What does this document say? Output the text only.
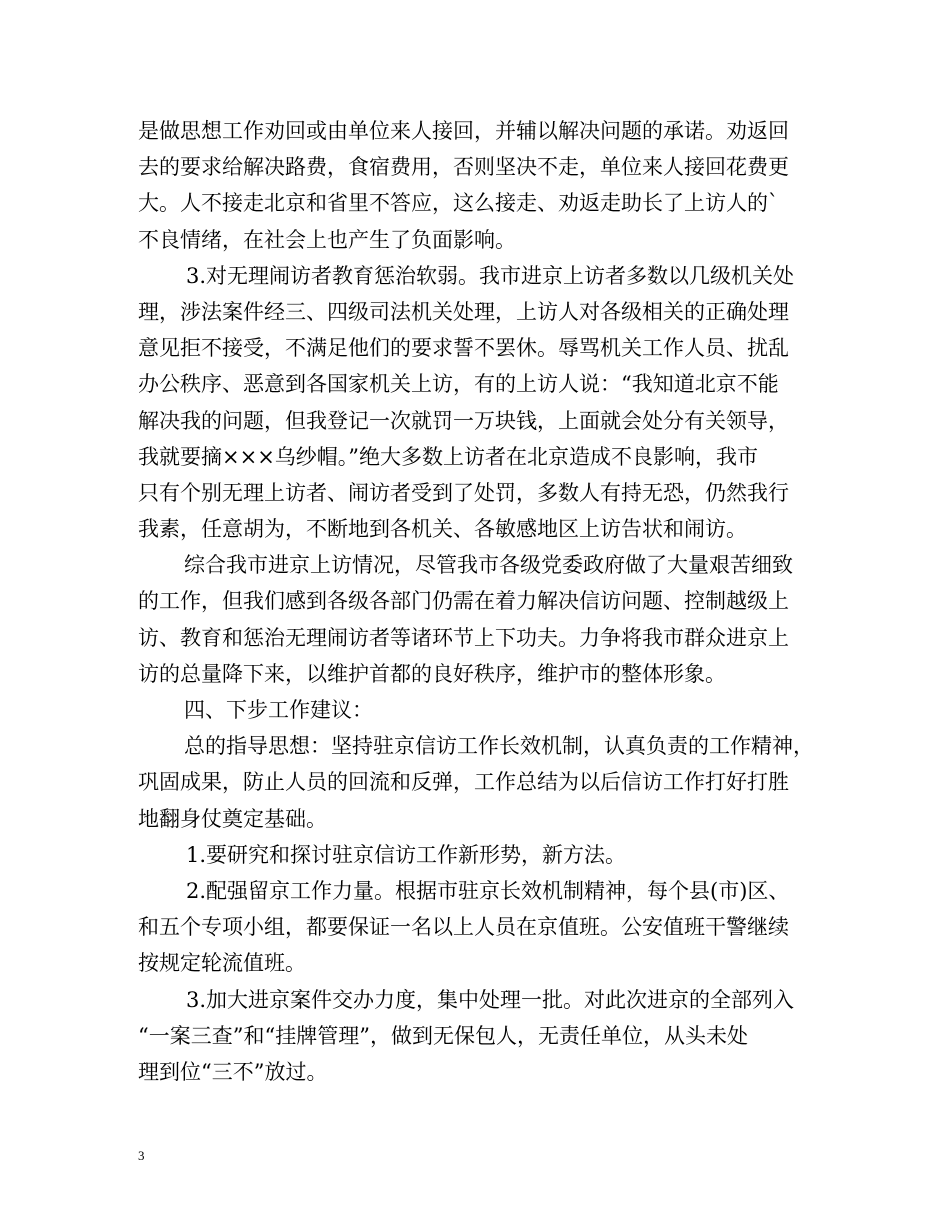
是做思想工作劝回或由单位来人接回，并辅以解决问题的承诺。劝返回
去的要求给解决路费，食宿费用，否则坚决不走，单位来人接回花费更
大。人不接走北京和省里不答应，这么接走、劝返走助长了上访人的`
不良情绪，在社会上也产生了负面影响。
3.对无理闹访者教育惩治软弱。我市进京上访者多数以几级机关处
理，涉法案件经三、四级司法机关处理，上访人对各级相关的正确处理
意见拒不接受，不满足他们的要求誓不罢休。辱骂机关工作人员、扰乱
办公秩序、恶意到各国家机关上访，有的上访人说：“我知道北京不能
解决我的问题，但我登记一次就罚一万块钱，上面就会处分有关领导，
我就要摘×××乌纱帽。”绝大多数上访者在北京造成不良影响，我市
只有个别无理上访者、闹访者受到了处罚，多数人有持无恐，仍然我行
我素，任意胡为，不断地到各机关、各敏感地区上访告状和闹访。
综合我市进京上访情况，尽管我市各级党委政府做了大量艰苦细致
的工作，但我们感到各级各部门仍需在着力解决信访问题、控制越级上
访、教育和惩治无理闹访者等诸环节上下功夫。力争将我市群众进京上
访的总量降下来，以维护首都的良好秩序，维护市的整体形象。
四、下步工作建议：
总的指导思想：坚持驻京信访工作长效机制，认真负责的工作精神，
巩固成果，防止人员的回流和反弹，工作总结为以后信访工作打好打胜
地翻身仗奠定基础。
1.要研究和探讨驻京信访工作新形势，新方法。
2.配强留京工作力量。根据市驻京长效机制精神，每个县(市)区、
和五个专项小组，都要保证一名以上人员在京值班。公安值班干警继续
按规定轮流值班。
3.加大进京案件交办力度，集中处理一批。对此次进京的全部列入
“一案三查”和“挂牌管理”，做到无保包人，无责任单位，从头未处
理到位“三不”放过。
3
